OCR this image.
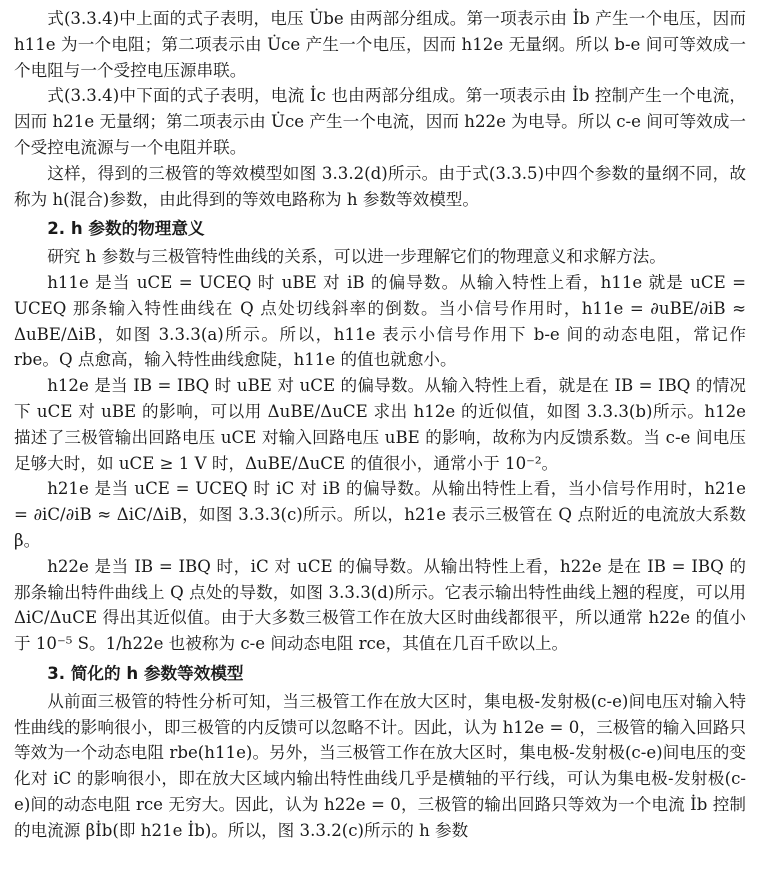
式(3.3.4)中上面的式子表明，电压 U̇be 由两部分组成。第一项表示由 İb 产生一个电压，因而 h11e 为一个电阻；第二项表示由 U̇ce 产生一个电压，因而 h12e 无量纲。所以 b-e 间可等效成一个电阻与一个受控电压源串联。

式(3.3.4)中下面的式子表明，电流 İc 也由两部分组成。第一项表示由 İb 控制产生一个电流，因而 h21e 无量纲；第二项表示由 U̇ce 产生一个电流，因而 h22e 为电导。所以 c-e 间可等效成一个受控电流源与一个电阻并联。

这样，得到的三极管的等效模型如图 3.3.2(d)所示。由于式(3.3.5)中四个参数的量纲不同，故称为 h(混合)参数，由此得到的等效电路称为 h 参数等效模型。

2. h 参数的物理意义

研究 h 参数与三极管特性曲线的关系，可以进一步理解它们的物理意义和求解方法。

h11e 是当 uCE = UCEQ 时 uBE 对 iB 的偏导数。从输入特性上看，h11e 就是 uCE = UCEQ 那条输入特性曲线在 Q 点处切线斜率的倒数。当小信号作用时，h11e = ∂uBE/∂iB ≈ ΔuBE/ΔiB，如图 3.3.3(a)所示。所以，h11e 表示小信号作用下 b-e 间的动态电阻，常记作 rbe。Q 点愈高，输入特性曲线愈陡，h11e 的值也就愈小。

h12e 是当 IB = IBQ 时 uBE 对 uCE 的偏导数。从输入特性上看，就是在 IB = IBQ 的情况下 uCE 对 uBE 的影响，可以用 ΔuBE/ΔuCE 求出 h12e 的近似值，如图 3.3.3(b)所示。h12e 描述了三极管输出回路电压 uCE 对输入回路电压 uBE 的影响，故称为内反馈系数。当 c-e 间电压足够大时，如 uCE ≥ 1 V 时，ΔuBE/ΔuCE 的值很小，通常小于 10⁻²。

h21e 是当 uCE = UCEQ 时 iC 对 iB 的偏导数。从输出特性上看，当小信号作用时，h21e = ∂iC/∂iB ≈ ΔiC/ΔiB，如图 3.3.3(c)所示。所以，h21e 表示三极管在 Q 点附近的电流放大系数 β。

h22e 是当 IB = IBQ 时，iC 对 uCE 的偏导数。从输出特性上看，h22e 是在 IB = IBQ 的那条输出特件曲线上 Q 点处的导数，如图 3.3.3(d)所示。它表示输出特性曲线上翘的程度，可以用 ΔiC/ΔuCE 得出其近似值。由于大多数三极管工作在放大区时曲线都很平，所以通常 h22e 的值小于 10⁻⁵ S。1/h22e 也被称为 c-e 间动态电阻 rce，其值在几百千欧以上。

3. 简化的 h 参数等效模型

从前面三极管的特性分析可知，当三极管工作在放大区时，集电极-发射极(c-e)间电压对输入特性曲线的影响很小，即三极管的内反馈可以忽略不计。因此，认为 h12e = 0，三极管的输入回路只等效为一个动态电阻 rbe(h11e)。另外，当三极管工作在放大区时，集电极-发射极(c-e)间电压的变化对 iC 的影响很小，即在放大区域内输出特性曲线几乎是横轴的平行线，可认为集电极-发射极(c-e)间的动态电阻 rce 无穷大。因此，认为 h22e = 0，三极管的输出回路只等效为一个电流 İb 控制的电流源 βİb(即 h21e İb)。所以，图 3.3.2(c)所示的 h 参数
